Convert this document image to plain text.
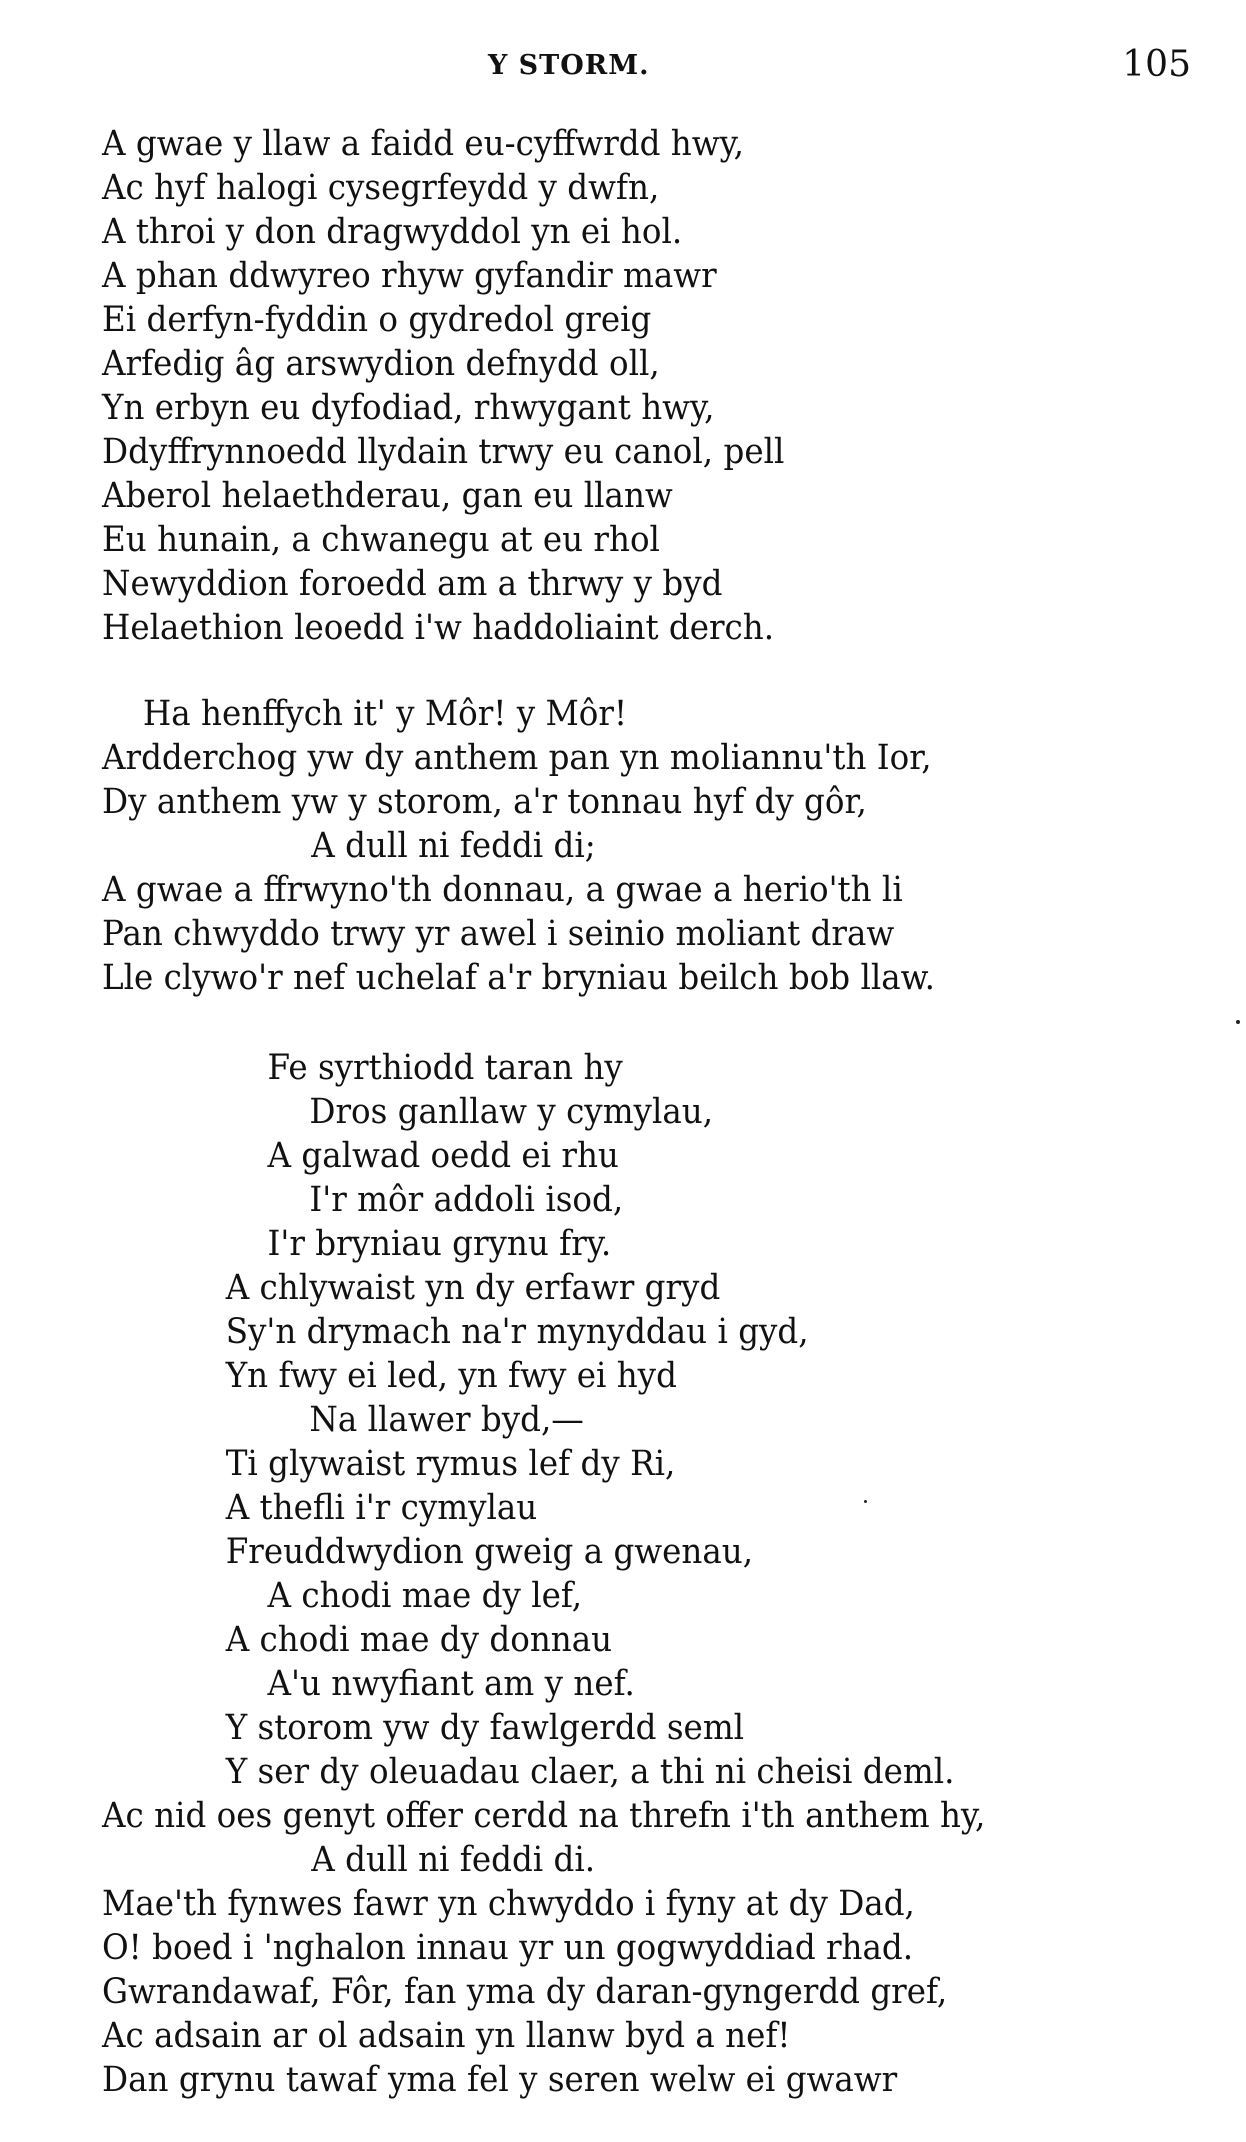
Y STORM.	105
A gwae y llaw a faidd eu-cyffwrdd hwy,
Ac hyf halogi cysegrfeydd y dwfn,
A throi y don dragwyddol yn ei hol.
A phan ddwyreo rhyw gyfandir mawr
Ei derfyn-fyddin o gydredol greig
Arfedig âg arswydion defnydd oll,
Yn erbyn eu dyfodiad, rhwygant hwy,
Ddyffrynnoedd llydain trwy eu canol, pell
Aberol helaethderau, gan eu llanw
Eu hunain, a chwanegu at eu rhol
Newyddion foroedd am a thrwy y byd
Helaethion leoedd i'w haddoliaint derch.
Ha henffych it' y Môr! y Môr!
Ardderchog yw dy anthem pan yn moliannu'th Ior,
Dy anthem yw y storom, a'r tonnau hyf dy gôr,
A dull ni feddi di;
A gwae a ffrwyno'th donnau, a gwae a herio'th li
Pan chwyddo trwy yr awel i seinio moliant draw
Lle clywo'r nef uchelaf a'r bryniau beilch bob llaw.
Fe syrthiodd taran hy
Dros ganllaw y cymylau,
A galwad oedd ei rhu
I'r môr addoli isod,
I'r bryniau grynu fry.
A chlywaist yn dy erfawr gryd
Sy'n drymach na'r mynyddau i gyd,
Yn fwy ei led, yn fwy ei hyd
Na llawer byd,—
Ti glywaist rymus lef dy Ri,
A thefli i'r cymylau
Freuddwydion gweig a gwenau,
A chodi mae dy lef,
A chodi mae dy donnau
A'u nwyfiant am y nef.
Y storom yw dy fawlgerdd seml
Y ser dy oleuadau claer, a thi ni cheisi deml.
Ac nid oes genyt offer cerdd na threfn i'th anthem hy,
A dull ni feddi di.
Mae'th fynwes fawr yn chwyddo i fyny at dy Dad,
O! boed i 'nghalon innau yr un gogwyddiad rhad.
Gwrandawaf, Fôr, fan yma dy daran-gyngerdd gref,
Ac adsain ar ol adsain yn llanw byd a nef!
Dan grynu tawaf yma fel y seren welw ei gwawr
